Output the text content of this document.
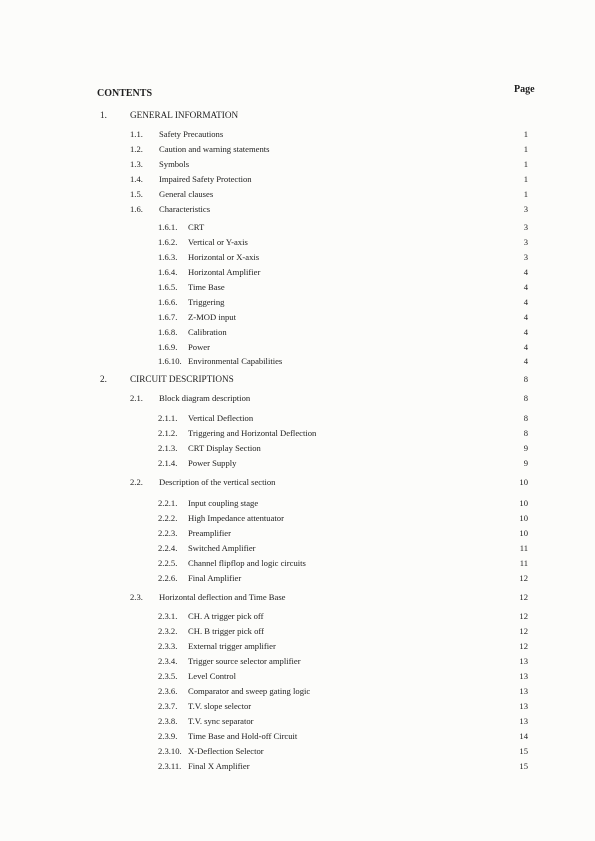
CONTENTS	Page
1.	GENERAL INFORMATION
1.1. Safety Precautions	1
1.2. Caution and warning statements	1
1.3. Symbols	1
1.4. Impaired Safety Protection	1
1.5. General clauses	1
1.6. Characteristics	3
1.6.1. CRT	3
1.6.2. Vertical or Y-axis	3
1.6.3. Horizontal or X-axis	3
1.6.4. Horizontal Amplifier	4
1.6.5. Time Base	4
1.6.6. Triggering	4
1.6.7. Z-MOD input	4
1.6.8. Calibration	4
1.6.9. Power	4
1.6.10. Environmental Capabilities	4
2.	CIRCUIT DESCRIPTIONS	8
2.1. Block diagram description	8
2.1.1. Vertical Deflection	8
2.1.2. Triggering and Horizontal Deflection	8
2.1.3. CRT Display Section	9
2.1.4. Power Supply	9
2.2. Description of the vertical section	10
2.2.1. Input coupling stage	10
2.2.2. High Impedance attentuator	10
2.2.3. Preamplifier	10
2.2.4. Switched Amplifier	11
2.2.5. Channel flipflop and logic circuits	11
2.2.6. Final Amplifier	12
2.3. Horizontal deflection and Time Base	12
2.3.1. CH. A trigger pick off	12
2.3.2. CH. B trigger pick off	12
2.3.3. External trigger amplifier	12
2.3.4. Trigger source selector amplifier	13
2.3.5. Level Control	13
2.3.6. Comparator and sweep gating logic	13
2.3.7. T.V. slope selector	13
2.3.8. T.V. sync separator	13
2.3.9. Time Base and Hold-off Circuit	14
2.3.10. X-Deflection Selector	15
2.3.11. Final X Amplifier	15
